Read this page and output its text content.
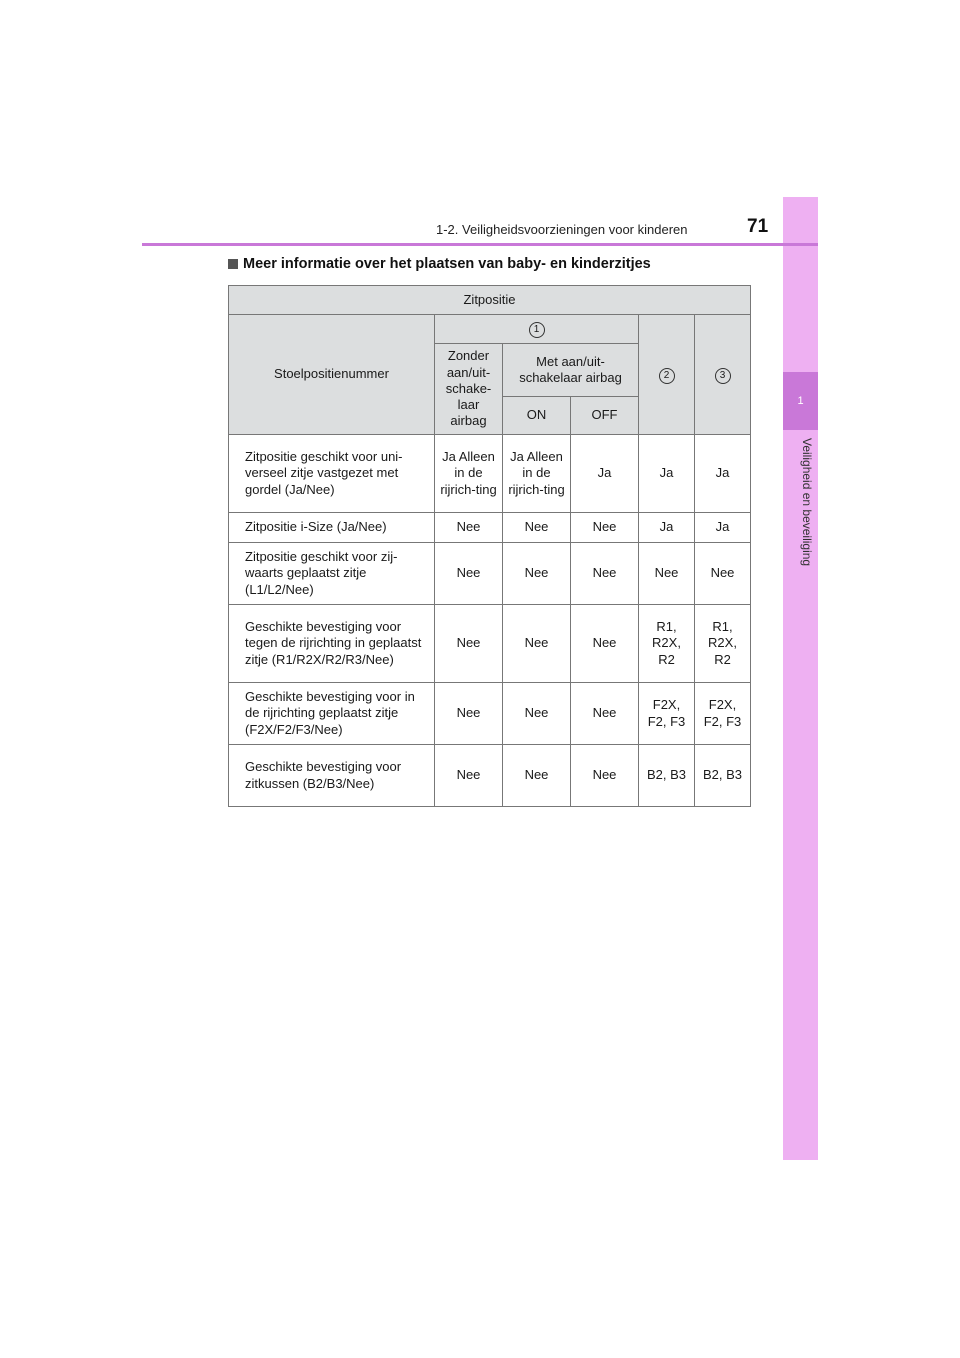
1
Veiligheid en beveiliging
1-2. Veiligheidsvoorzieningen voor kinderen	71
Meer informatie over het plaatsen van baby- en kinderzitjes
Zitpositie					
Stoelpositienummer	1			2	3
	Zonder aan/uit-schake-laar airbag	Met aan/uit-schakelaar airbag			
		ON	OFF		
Zitpositie geschikt voor uni-verseel zitje vastgezet met gordel (Ja/Nee)	Ja Alleen in de rijrich-ting	Ja Alleen in de rijrich-ting	Ja	Ja	Ja
Zitpositie i-Size (Ja/Nee)	Nee	Nee	Nee	Ja	Ja
Zitpositie geschikt voor zij-waarts geplaatst zitje (L1/L2/Nee)	Nee	Nee	Nee	Nee	Nee
Geschikte bevestiging voor tegen de rijrichting in geplaatst zitje (R1/R2X/R2/R3/Nee)	Nee	Nee	Nee	R1, R2X, R2	R1, R2X, R2
Geschikte bevestiging voor in de rijrichting geplaatst zitje (F2X/F2/F3/Nee)	Nee	Nee	Nee	F2X, F2, F3	F2X, F2, F3
Geschikte bevestiging voor zitkussen (B2/B3/Nee)	Nee	Nee	Nee	B2, B3	B2, B3
